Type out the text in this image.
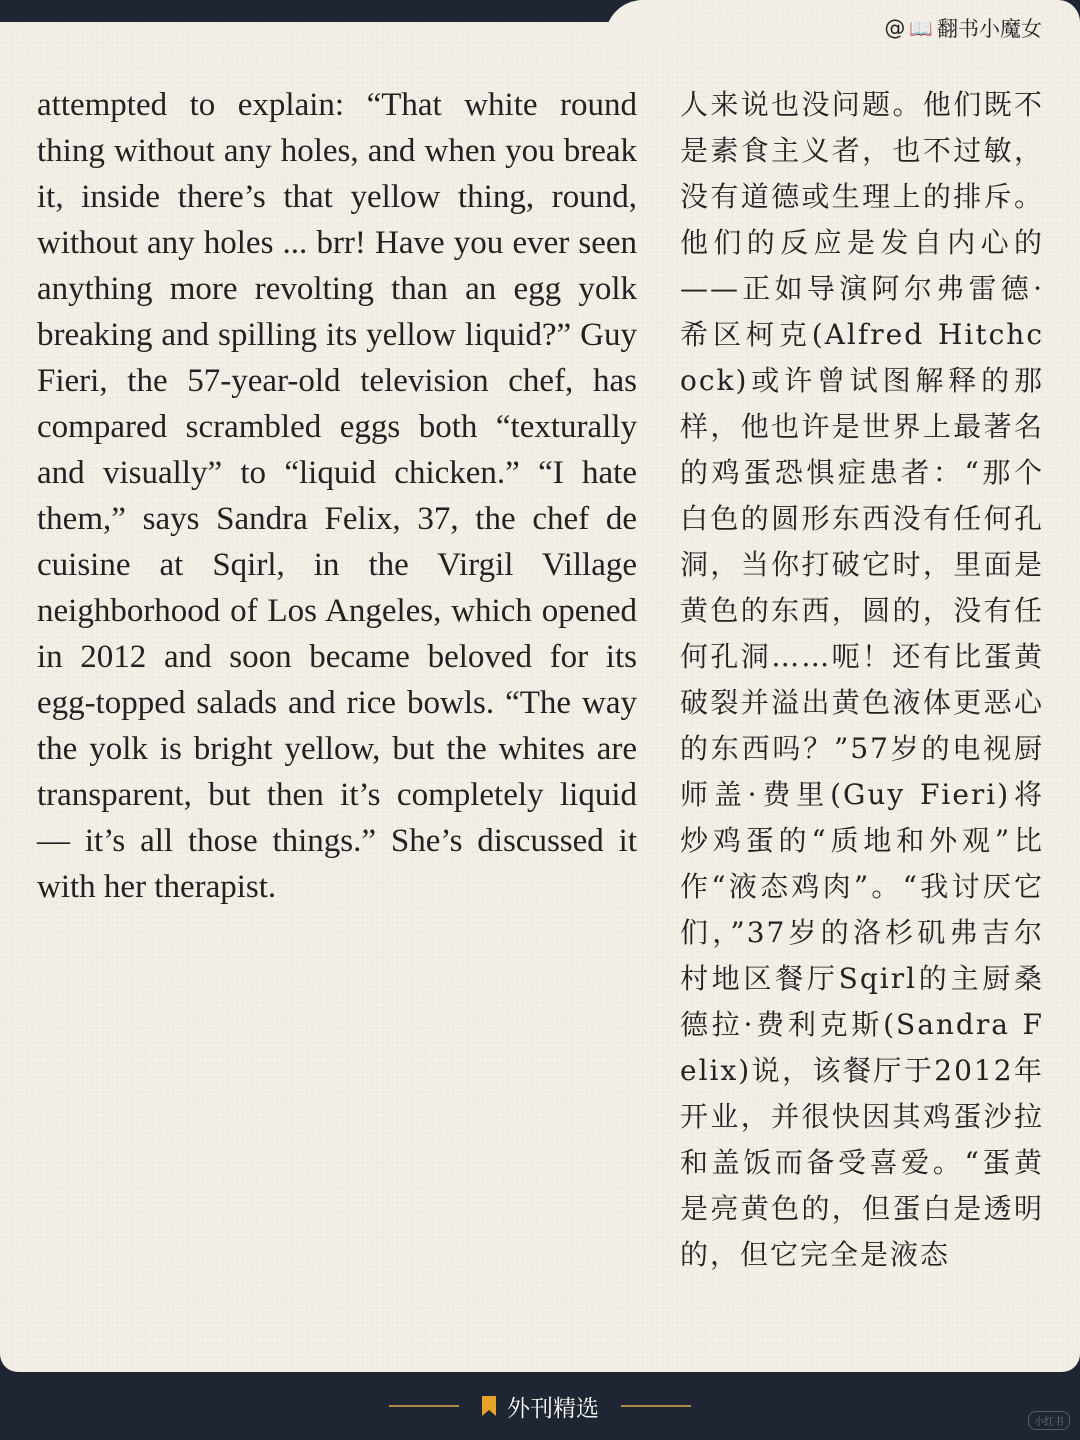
@ 📖 翻书小魔女
attempted to explain: “That white round thing without any holes, and when you break it, inside there’s that yellow thing, round, without any holes ... brr! Have you ever seen anything more revolting than an egg yolk breaking and spilling its yellow liquid?” Guy Fieri, the 57-year-old television chef, has compared scrambled eggs both “texturally and visually” to “liquid chicken.” “I hate them,” says Sandra Felix, 37, the chef de cuisine at Sqirl, in the Virgil Village neighborhood of Los Angeles, which opened in 2012 and soon became beloved for its egg-topped salads and rice bowls. “The way the yolk is bright yellow, but the whites are transparent, but then it’s completely liquid — it’s all those things.” She’s discussed it with her therapist.
人来说也没问题。他们既不是素食主义者，也不过敏，没有道德或生理上的排斥。他们的反应是发自内心的——正如导演阿尔弗雷德·希区柯克(Alfred Hitchcock)或许曾试图解释的那样，他也许是世界上最著名的鸡蛋恐惧症患者：“那个白色的圆形东西没有任何孔洞，当你打破它时，里面是黄色的东西，圆的，没有任何孔洞……呃！还有比蛋黄破裂并溢出黄色液体更恶心的东西吗？”57岁的电视厨师盖·费里(Guy Fieri)将炒鸡蛋的“质地和外观”比作“液态鸡肉”。“我讨厌它们，”37岁的洛杉矶弗吉尔村地区餐厅Sqirl的主厨桑德拉·费利克斯(Sandra Felix)说，该餐厅于2012年开业，并很快因其鸡蛋沙拉和盖饭而备受喜爱。“蛋黄是亮黄色的，但蛋白是透明的，但它完全是液态
外刊精选
小红书
